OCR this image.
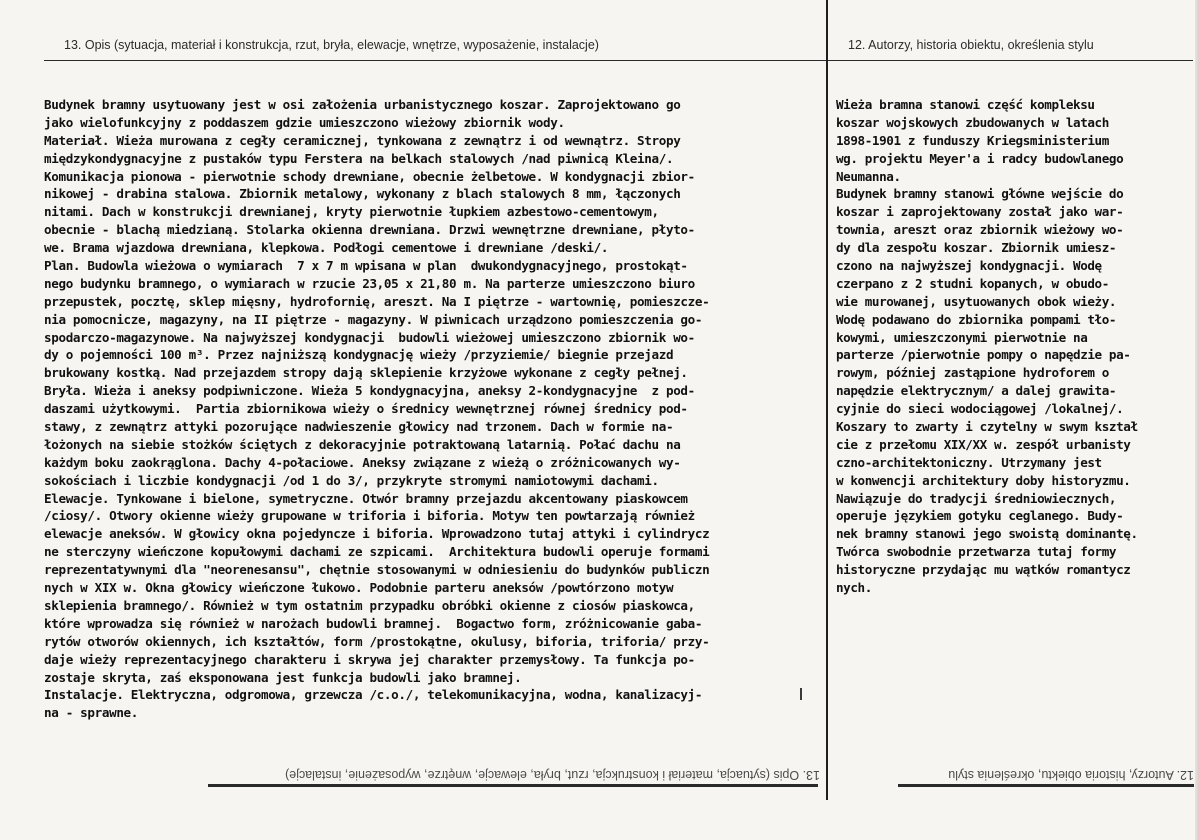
13. Opis (sytuacja, materiał i konstrukcja, rzut, bryła, elewacje, wnętrze, wyposażenie, instalacje)	12. Autorzy, historia obiektu, określenia stylu
Budynek bramny usytuowany jest w osi założenia urbanistycznego koszar. Zaprojektowano go
jako wielofunkcyjny z poddaszem gdzie umieszczono wieżowy zbiornik wody.
Materiał. Wieża murowana z cegły ceramicznej, tynkowana z zewnątrz i od wewnątrz. Stropy
międzykondygnacyjne z pustaków typu Ferstera na belkach stalowych /nad piwnicą Kleina/.
Komunikacja pionowa - pierwotnie schody drewniane, obecnie żelbetowe. W kondygnacji zbior-
nikowej - drabina stalowa. Zbiornik metalowy, wykonany z blach stalowych 8 mm, łączonych
nitami. Dach w konstrukcji drewnianej, kryty pierwotnie łupkiem azbestowo-cementowym,
obecnie - blachą miedzianą. Stolarka okienna drewniana. Drzwi wewnętrzne drewniane, płyto-
we. Brama wjazdowa drewniana, klepkowa. Podłogi cementowe i drewniane /deski/.
Plan. Budowla wieżowa o wymiarach  7 x 7 m wpisana w plan  dwukondygnacyjnego, prostokąt-
nego budynku bramnego, o wymiarach w rzucie 23,05 x 21,80 m. Na parterze umieszczono biuro
przepustek, pocztę, sklep mięsny, hydrofornię, areszt. Na I piętrze - wartownię, pomieszcze-
nia pomocnicze, magazyny, na II piętrze - magazyny. W piwnicach urządzono pomieszczenia go-
spodarczo-magazynowe. Na najwyższej kondygnacji  budowli wieżowej umieszczono zbiornik wo-
dy o pojemności 100 m³. Przez najniższą kondygnację wieży /przyziemie/ biegnie przejazd
brukowany kostką. Nad przejazdem stropy dają sklepienie krzyżowe wykonane z cegły pełnej.
Bryła. Wieża i aneksy podpiwniczone. Wieża 5 kondygnacyjna, aneksy 2-kondygnacyjne  z pod-
daszami użytkowymi.  Partia zbiornikowa wieży o średnicy wewnętrznej równej średnicy pod-
stawy, z zewnątrz attyki pozorujące nadwieszenie głowicy nad trzonem. Dach w formie na-
łożonych na siebie stożków ściętych z dekoracyjnie potraktowaną latarnią. Połać dachu na
każdym boku zaokrąglona. Dachy 4-połaciowe. Aneksy związane z wieżą o zróżnicowanych wy-
sokościach i liczbie kondygnacji /od 1 do 3/, przykryte stromymi namiotowymi dachami.
Elewacje. Tynkowane i bielone, symetryczne. Otwór bramny przejazdu akcentowany piaskowcem
/ciosy/. Otwory okienne wieży grupowane w triforia i biforia. Motyw ten powtarzają również
elewacje aneksów. W głowicy okna pojedyncze i biforia. Wprowadzono tutaj attyki i cylindrycz
ne sterczyny wieńczone kopułowymi dachami ze szpicami.  Architektura budowli operuje formami
reprezentatywnymi dla "neorenesansu", chętnie stosowanymi w odniesieniu do budynków publiczn
nych w XIX w. Okna głowicy wieńczone łukowo. Podobnie parteru aneksów /powtórzono motyw
sklepienia bramnego/. Również w tym ostatnim przypadku obróbki okienne z ciosów piaskowca,
które wprowadza się również w narożach budowli bramnej.  Bogactwo form, zróżnicowanie gaba-
rytów otworów okiennych, ich kształtów, form /prostokątne, okulusy, biforia, triforia/ przy-
daje wieży reprezentacyjnego charakteru i skrywa jej charakter przemysłowy. Ta funkcja po-
zostaje skryta, zaś eksponowana jest funkcja budowli jako bramnej.
Instalacje. Elektryczna, odgromowa, grzewcza /c.o./, telekomunikacyjna, wodna, kanalizacyj-
na - sprawne.
Wieża bramna stanowi część kompleksu
koszar wojskowych zbudowanych w latach
1898-1901 z funduszy Kriegsministerium
wg. projektu Meyer'a i radcy budowlanego
Neumanna.
Budynek bramny stanowi główne wejście do
koszar i zaprojektowany został jako war-
townia, areszt oraz zbiornik wieżowy wo-
dy dla zespołu koszar. Zbiornik umiesz-
czono na najwyższej kondygnacji. Wodę
czerpano z 2 studni kopanych, w obudo-
wie murowanej, usytuowanych obok wieży.
Wodę podawano do zbiornika pompami tło-
kowymi, umieszczonymi pierwotnie na
parterze /pierwotnie pompy o napędzie pa-
rowym, później zastąpione hydroforem o
napędzie elektrycznym/ a dalej grawita-
cyjnie do sieci wodociągowej /lokalnej/.
Koszary to zwarty i czytelny w swym kształ
cie z przełomu XIX/XX w. zespół urbanisty
czno-architektoniczny. Utrzymany jest
w konwencji architektury doby historyzmu.
Nawiązuje do tradycji średniowiecznych,
operuje językiem gotyku ceglanego. Budy-
nek bramny stanowi jego swoistą dominantę.
Twórca swobodnie przetwarza tutaj formy
historyczne przydając mu wątków romantycz
nych.
13. Opis (sytuacja, materiał i konstrukcja, rzut, bryła, elewacje, wnętrze, wyposażenie, instalacje)	12. Autorzy, historia obiektu, określenia stylu
